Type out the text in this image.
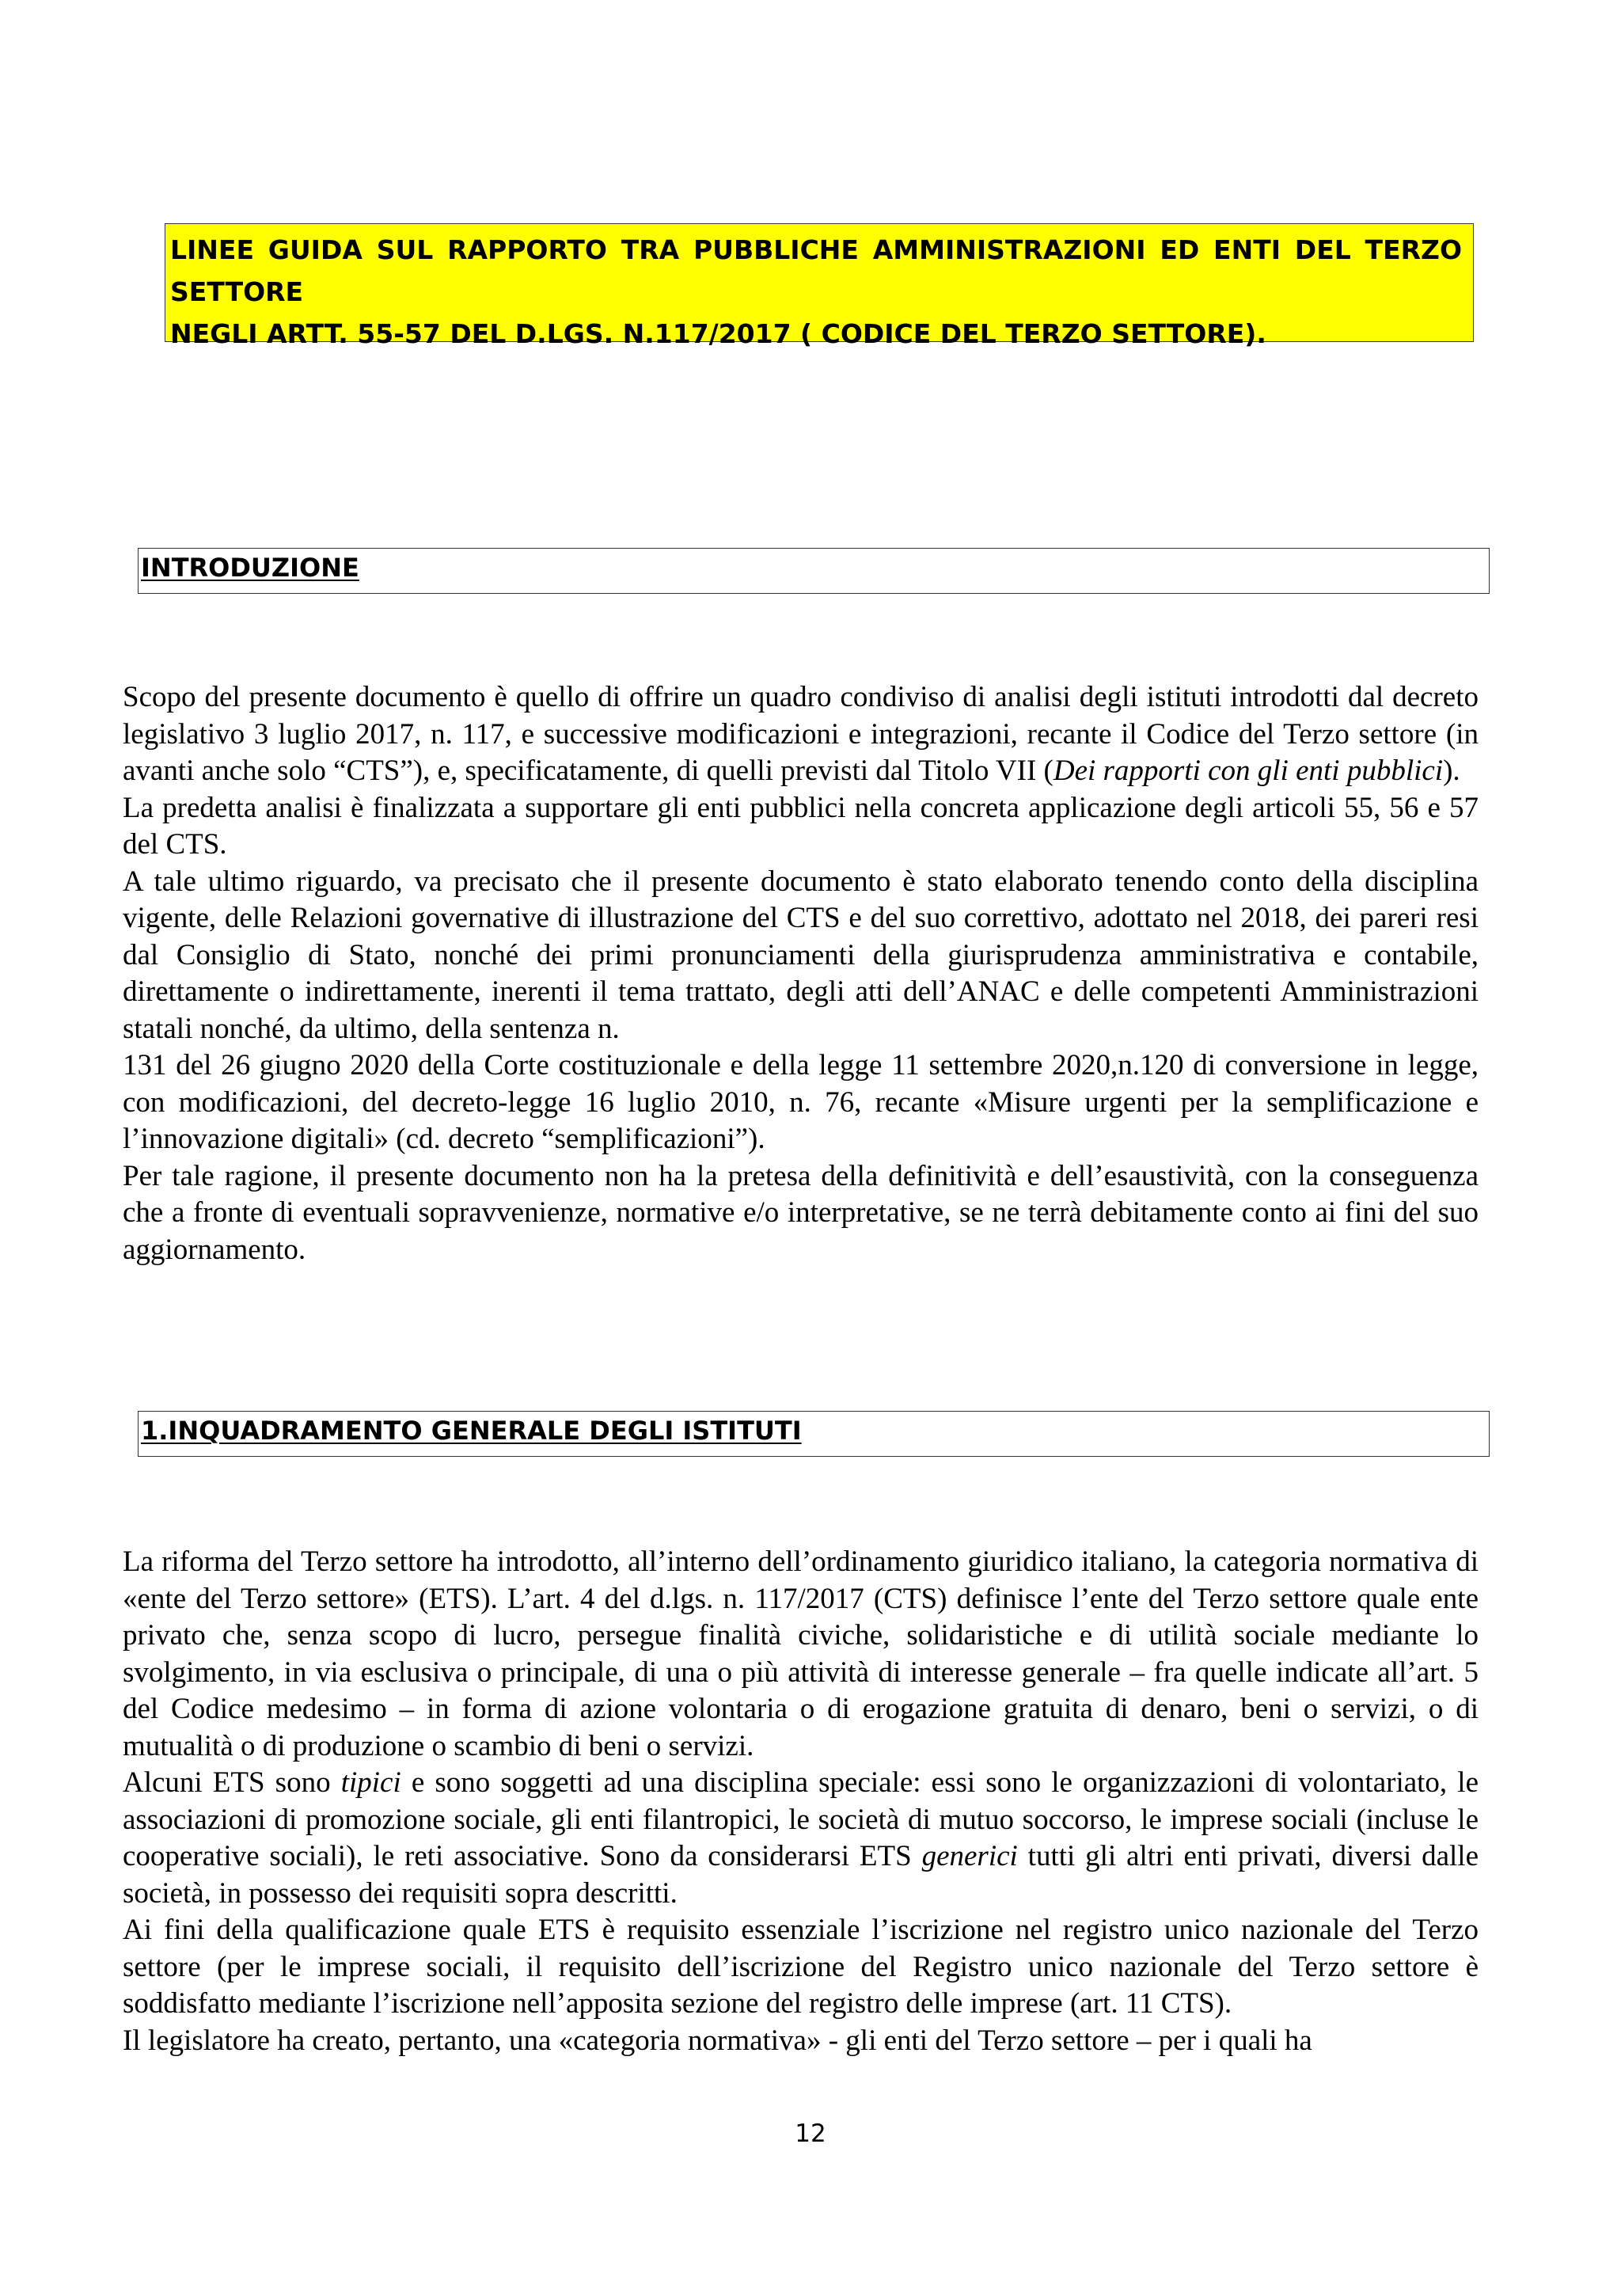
LINEE GUIDA SUL RAPPORTO TRA PUBBLICHE AMMINISTRAZIONI ED ENTI DEL TERZO SETTORE
NEGLI ARTT. 55-57 DEL D.LGS. N.117/2017 ( CODICE DEL TERZO SETTORE).

INTRODUZIONE

Scopo del presente documento è quello di offrire un quadro condiviso di analisi degli istituti introdotti dal decreto legislativo 3 luglio 2017, n. 117, e successive modificazioni e integrazioni, recante il Codice del Terzo settore (in avanti anche solo “CTS”), e, specificatamente, di quelli previsti dal Titolo VII (Dei rapporti con gli enti pubblici).

La predetta analisi è finalizzata a supportare gli enti pubblici nella concreta applicazione degli articoli 55, 56 e 57 del CTS.

A tale ultimo riguardo, va precisato che il presente documento è stato elaborato tenendo conto della disciplina vigente, delle Relazioni governative di illustrazione del CTS e del suo correttivo, adottato nel 2018, dei pareri resi dal Consiglio di Stato, nonché dei primi pronunciamenti della giurisprudenza amministrativa e contabile, direttamente o indirettamente, inerenti il tema trattato, degli atti dell’ANAC e delle competenti Amministrazioni statali nonché, da ultimo, della sentenza n.

131 del 26 giugno 2020 della Corte costituzionale e della legge 11 settembre 2020,n.120 di conversione in legge, con modificazioni, del decreto-legge 16 luglio 2010, n. 76, recante «Misure urgenti per la semplificazione e l’innovazione digitali» (cd. decreto “semplificazioni”).

Per tale ragione, il presente documento non ha la pretesa della definitività e dell’esaustività, con la conseguenza che a fronte di eventuali sopravvenienze, normative e/o interpretative, se ne terrà debitamente conto ai fini del suo aggiornamento.

1.INQUADRAMENTO GENERALE DEGLI ISTITUTI

La riforma del Terzo settore ha introdotto, all’interno dell’ordinamento giuridico italiano, la categoria normativa di «ente del Terzo settore» (ETS). L’art. 4 del d.lgs. n. 117/2017 (CTS) definisce l’ente del Terzo settore quale ente privato che, senza scopo di lucro, persegue finalità civiche, solidaristiche e di utilità sociale mediante lo svolgimento, in via esclusiva o principale, di una o più attività di interesse generale – fra quelle indicate all’art. 5 del Codice medesimo – in forma di azione volontaria o di erogazione gratuita di denaro, beni o servizi, o di mutualità o di produzione o scambio di beni o servizi.

Alcuni ETS sono tipici e sono soggetti ad una disciplina speciale: essi sono le organizzazioni di volontariato, le associazioni di promozione sociale, gli enti filantropici, le società di mutuo soccorso, le imprese sociali (incluse le cooperative sociali), le reti associative. Sono da considerarsi ETS generici tutti gli altri enti privati, diversi dalle società, in possesso dei requisiti sopra descritti.

Ai fini della qualificazione quale ETS è requisito essenziale l’iscrizione nel registro unico nazionale del Terzo settore (per le imprese sociali, il requisito dell’iscrizione del Registro unico nazionale del Terzo settore è soddisfatto mediante l’iscrizione nell’apposita sezione del registro delle imprese (art. 11 CTS).

Il legislatore ha creato, pertanto, una «categoria normativa» - gli enti del Terzo settore – per i quali ha

12
